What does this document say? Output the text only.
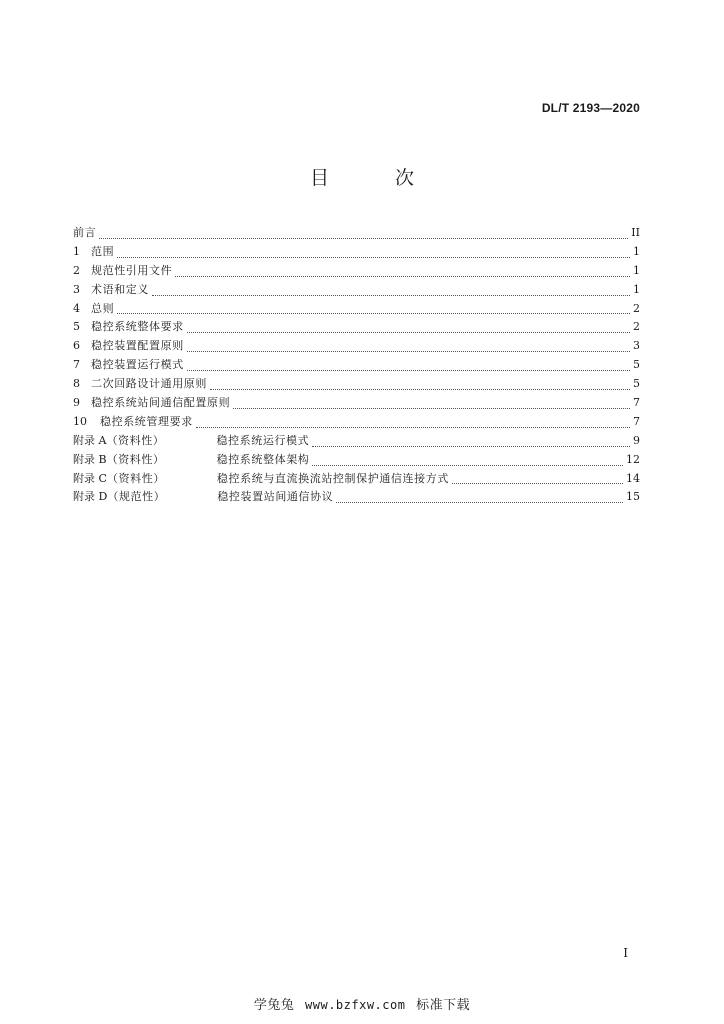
DL/T 2193—2020
目 次
前言	II
1	范围	1
2	规范性引用文件	1
3	术语和定义	1
4	总则	2
5	稳控系统整体要求	2
6	稳控装置配置原则	3
7	稳控装置运行模式	5
8	二次回路设计通用原则	5
9	稳控系统站间通信配置原则	7
10	稳控系统管理要求	7
附录 A （资料性）	稳控系统运行模式	9
附录 B （资料性）	稳控系统整体架构	12
附录 C （资料性）	稳控系统与直流换流站控制保护通信连接方式	14
附录 D （规范性）	稳控装置站间通信协议	15
I
学兔兔 www.bzfxw.com 标准下载
